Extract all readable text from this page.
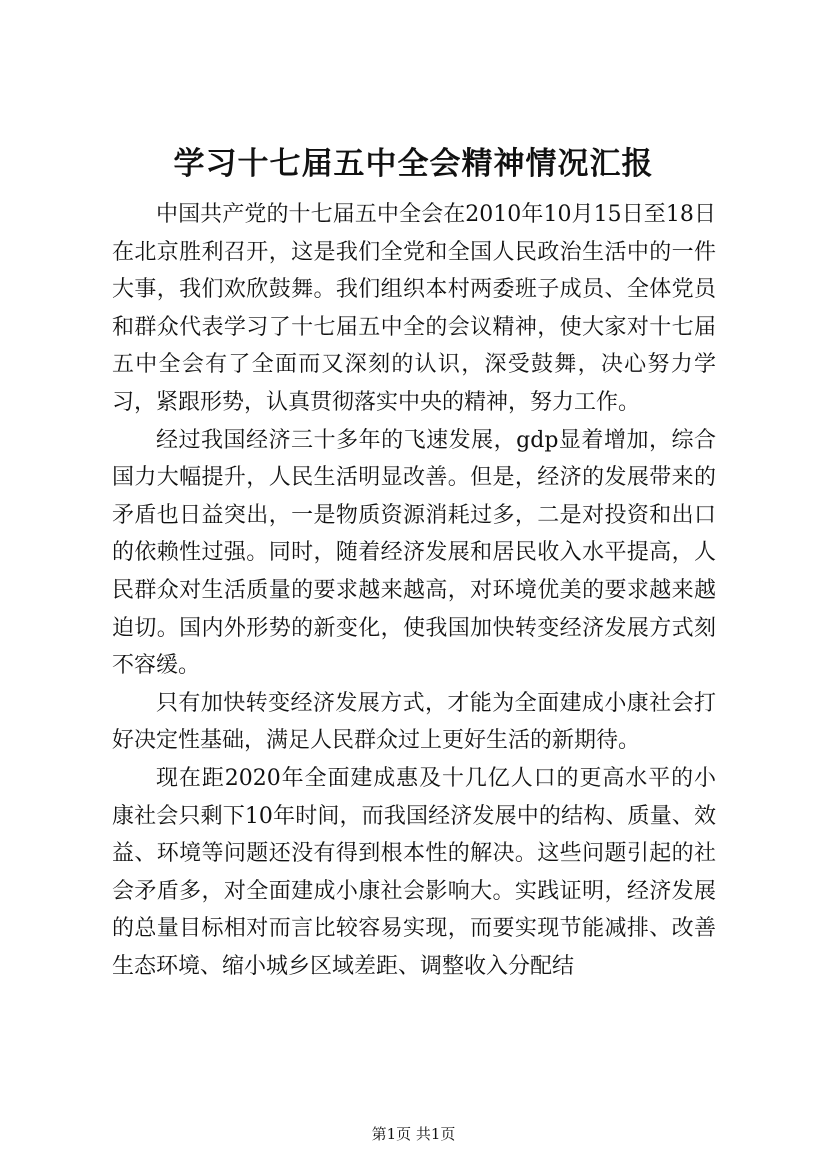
学习十七届五中全会精神情况汇报

中国共产党的十七届五中全会在2010年10月15日至18日在北京胜利召开，这是我们全党和全国人民政治生活中的一件大事，我们欢欣鼓舞。我们组织本村两委班子成员、全体党员和群众代表学习了十七届五中全的会议精神，使大家对十七届五中全会有了全面而又深刻的认识，深受鼓舞，决心努力学习，紧跟形势，认真贯彻落实中央的精神，努力工作。

经过我国经济三十多年的飞速发展，gdp显着增加，综合国力大幅提升，人民生活明显改善。但是，经济的发展带来的矛盾也日益突出，一是物质资源消耗过多，二是对投资和出口的依赖性过强。同时，随着经济发展和居民收入水平提高，人民群众对生活质量的要求越来越高，对环境优美的要求越来越迫切。国内外形势的新变化，使我国加快转变经济发展方式刻不容缓。

只有加快转变经济发展方式，才能为全面建成小康社会打好决定性基础，满足人民群众过上更好生活的新期待。

现在距2020年全面建成惠及十几亿人口的更高水平的小康社会只剩下10年时间，而我国经济发展中的结构、质量、效益、环境等问题还没有得到根本性的解决。这些问题引起的社会矛盾多，对全面建成小康社会影响大。实践证明，经济发展的总量目标相对而言比较容易实现，而要实现节能减排、改善生态环境、缩小城乡区域差距、调整收入分配结

第1页 共1页
